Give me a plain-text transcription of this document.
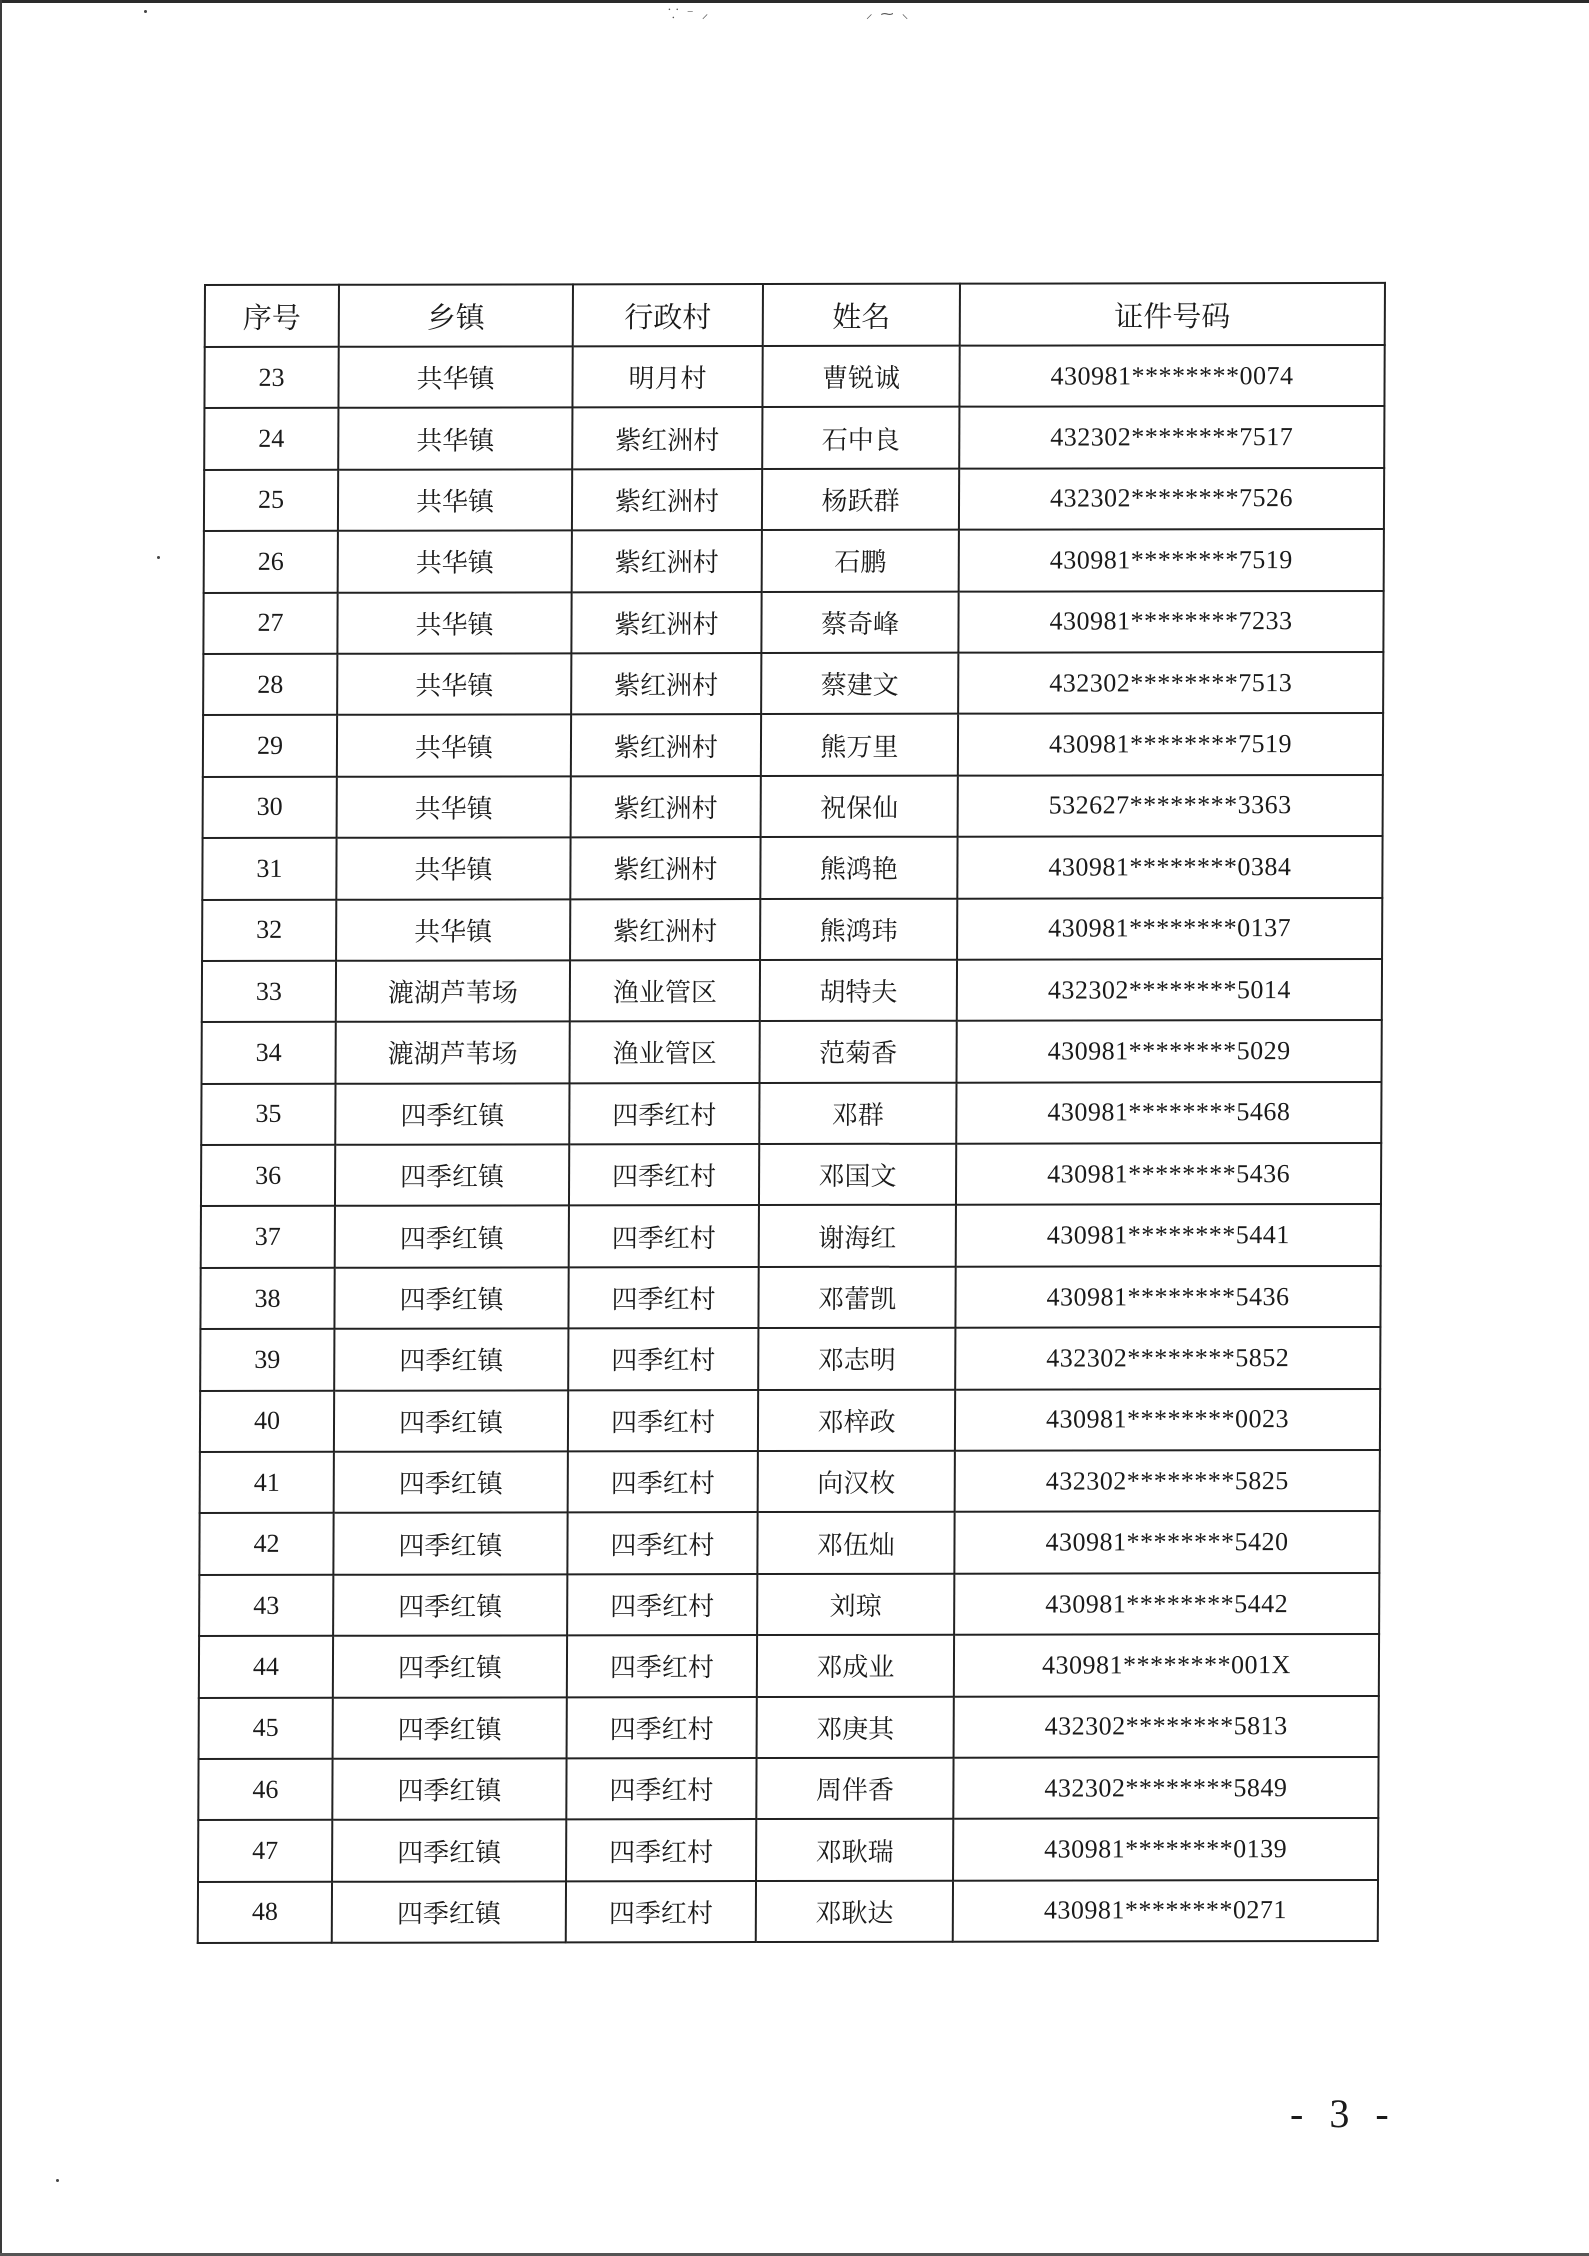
⸪ ⁻ ⸝	⸝ ⁓ ⸜
序号	乡镇	行政村	姓名	证件号码
23	共华镇	明月村	曹锐诚	430981********0074
24	共华镇	紫红洲村	石中良	432302********7517
25	共华镇	紫红洲村	杨跃群	432302********7526
26	共华镇	紫红洲村	石鹏	430981********7519
27	共华镇	紫红洲村	蔡奇峰	430981********7233
28	共华镇	紫红洲村	蔡建文	432302********7513
29	共华镇	紫红洲村	熊万里	430981********7519
30	共华镇	紫红洲村	祝保仙	532627********3363
31	共华镇	紫红洲村	熊鸿艳	430981********0384
32	共华镇	紫红洲村	熊鸿玮	430981********0137
33	漉湖芦苇场	渔业管区	胡特夫	432302********5014
34	漉湖芦苇场	渔业管区	范菊香	430981********5029
35	四季红镇	四季红村	邓群	430981********5468
36	四季红镇	四季红村	邓国文	430981********5436
37	四季红镇	四季红村	谢海红	430981********5441
38	四季红镇	四季红村	邓蕾凯	430981********5436
39	四季红镇	四季红村	邓志明	432302********5852
40	四季红镇	四季红村	邓梓政	430981********0023
41	四季红镇	四季红村	向汉枚	432302********5825
42	四季红镇	四季红村	邓伍灿	430981********5420
43	四季红镇	四季红村	刘琼	430981********5442
44	四季红镇	四季红村	邓成业	430981********001X
45	四季红镇	四季红村	邓庚其	432302********5813
46	四季红镇	四季红村	周伴香	432302********5849
47	四季红镇	四季红村	邓耿瑞	430981********0139
48	四季红镇	四季红村	邓耿达	430981********0271
- 3 -
